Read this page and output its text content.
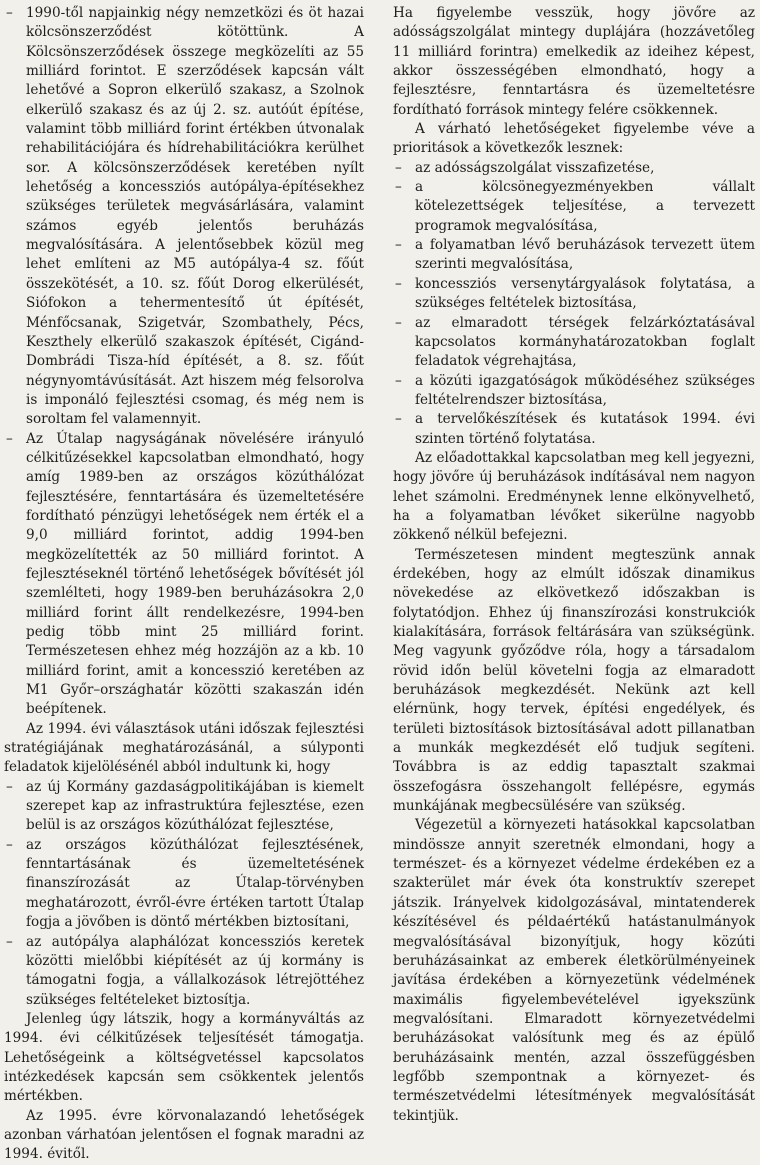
– 1990-től napjainkig négy nemzetközi és öt hazai kölcsönszerződést kötöttünk. A Kölcsönszerződések összege megközelíti az 55 milliárd forintot. E szerződések kapcsán vált lehetővé a Sopron elkerülő szakasz, a Szolnok elkerülő szakasz és az új 2. sz. autóút építése, valamint több milliárd forint értékben útvonalak rehabilitációjára és hídrehabilitációkra kerülhet sor. A kölcsönszerződések keretében nyílt lehetőség a koncessziós autópálya-építésekhez szükséges területek megvásárlására, valamint számos egyéb jelentős beruházás megvalósítására. A jelentősebbek közül meg lehet említeni az M5 autópálya-4 sz. főút összekötését, a 10. sz. főút Dorog elkerülését, Siófokon a tehermentesítő út építését, Ménfőcsanak, Szigetvár, Szombathely, Pécs, Keszthely elkerülő szakaszok építését, Cigánd-Dombrádi Tisza-híd építését, a 8. sz. főút négynyomtávúsítását. Azt hiszem még felsorolva is imponáló fejlesztési csomag, és még nem is soroltam fel valamennyit.

– Az Útalap nagyságának növelésére irányuló célkitűzésekkel kapcsolatban elmondható, hogy amíg 1989-ben az országos közúthálózat fejlesztésére, fenntartására és üzemeltetésére fordítható pénzügyi lehetőségek nem érték el a 9,0 milliárd forintot, addig 1994-ben megközelítették az 50 milliárd forintot. A fejlesztéseknél történő lehetőségek bővítését jól szemlélteti, hogy 1989-ben beruházásokra 2,0 milliárd forint állt rendelkezésre, 1994-ben pedig több mint 25 milliárd forint. Természetesen ehhez még hozzájön az a kb. 10 milliárd forint, amit a koncesszió keretében az M1 Győr–országhatár közötti szakaszán idén beépítenek.

Az 1994. évi választások utáni időszak fejlesztési stratégiájának meghatározásánál, a súlyponti feladatok kijelölésénél abból indultunk ki, hogy

– az új Kormány gazdaságpolitikájában is kiemelt szerepet kap az infrastruktúra fejlesztése, ezen belül is az országos közúthálózat fejlesztése,

– az országos közúthálózat fejlesztésének, fenntartásának és üzemeltetésének finanszírozását az Útalap-törvényben meghatározott, évről-évre értéken tartott Útalap fogja a jövőben is döntő mértékben biztosítani,

– az autópálya alaphálózat koncessziós keretek közötti mielőbbi kiépítését az új kormány is támogatni fogja, a vállalkozások létrejöttéhez szükséges feltételeket biztosítja.

Jelenleg úgy látszik, hogy a kormányváltás az 1994. évi célkitűzések teljesítését támogatja. Lehetőségeink a költségvetéssel kapcsolatos intézkedések kapcsán sem csökkentek jelentős mértékben.

Az 1995. évre körvonalazandó lehetőségek azonban várhatóan jelentősen el fognak maradni az 1994. évitől.

Ha figyelembe vesszük, hogy jövőre az adósságszolgálat mintegy duplájára (hozzávetőleg 11 milliárd forintra) emelkedik az ideihez képest, akkor összességében elmondható, hogy a fejlesztésre, fenntartásra és üzemeltetésre fordítható források mintegy felére csökkennek.

A várható lehetőségeket figyelembe véve a prioritások a következők lesznek:

– az adósságszolgálat visszafizetése,

– a kölcsönegyezményekben vállalt kötelezettségek teljesítése, a tervezett programok megvalósítása,

– a folyamatban lévő beruházások tervezett ütem szerinti megvalósítása,

– koncessziós versenytárgyalások folytatása, a szükséges feltételek biztosítása,

– az elmaradott térségek felzárkóztatásával kapcsolatos kormányhatározatokban foglalt feladatok végrehajtása,

– a közúti igazgatóságok működéséhez szükséges feltételrendszer biztosítása,

– a tervelőkészítések és kutatások 1994. évi szinten történő folytatása.

Az előadottakkal kapcsolatban meg kell jegyezni, hogy jövőre új beruházások indításával nem nagyon lehet számolni. Eredménynek lenne elkönyvelhető, ha a folyamatban lévőket sikerülne nagyobb zökkenő nélkül befejezni.

Természetesen mindent megteszünk annak érdekében, hogy az elmúlt időszak dinamikus növekedése az elkövetkező időszakban is folytatódjon. Ehhez új finanszírozási konstrukciók kialakítására, források feltárására van szükségünk. Meg vagyunk győződve róla, hogy a társadalom rövid időn belül követelni fogja az elmaradott beruházások megkezdését. Nekünk azt kell elérnünk, hogy tervek, építési engedélyek, és területi biztosítások biztosításával adott pillanatban a munkák megkezdését elő tudjuk segíteni. Továbbra is az eddig tapasztalt szakmai összefogásra összehangolt fellépésre, egymás munkájának megbecsülésére van szükség.

Végezetül a környezeti hatásokkal kapcsolatban mindössze annyit szeretnék elmondani, hogy a természet- és a környezet védelme érdekében ez a szakterület már évek óta konstruktív szerepet játszik. Irányelvek kidolgozásával, mintatenderek készítésével és példaértékű hatástanulmányok megvalósításával bizonyítjuk, hogy közúti beruházásainkat az emberek életkörülményeinek javítása érdekében a környezetünk védelmének maximális figyelembevételével igyekszünk megvalósítani. Elmaradott környezetvédelmi beruházásokat valósítunk meg és az épülő beruházásaink mentén, azzal összefüggésben legfőbb szempontnak a környezet- és természetvédelmi létesítmények megvalósítását tekintjük.
